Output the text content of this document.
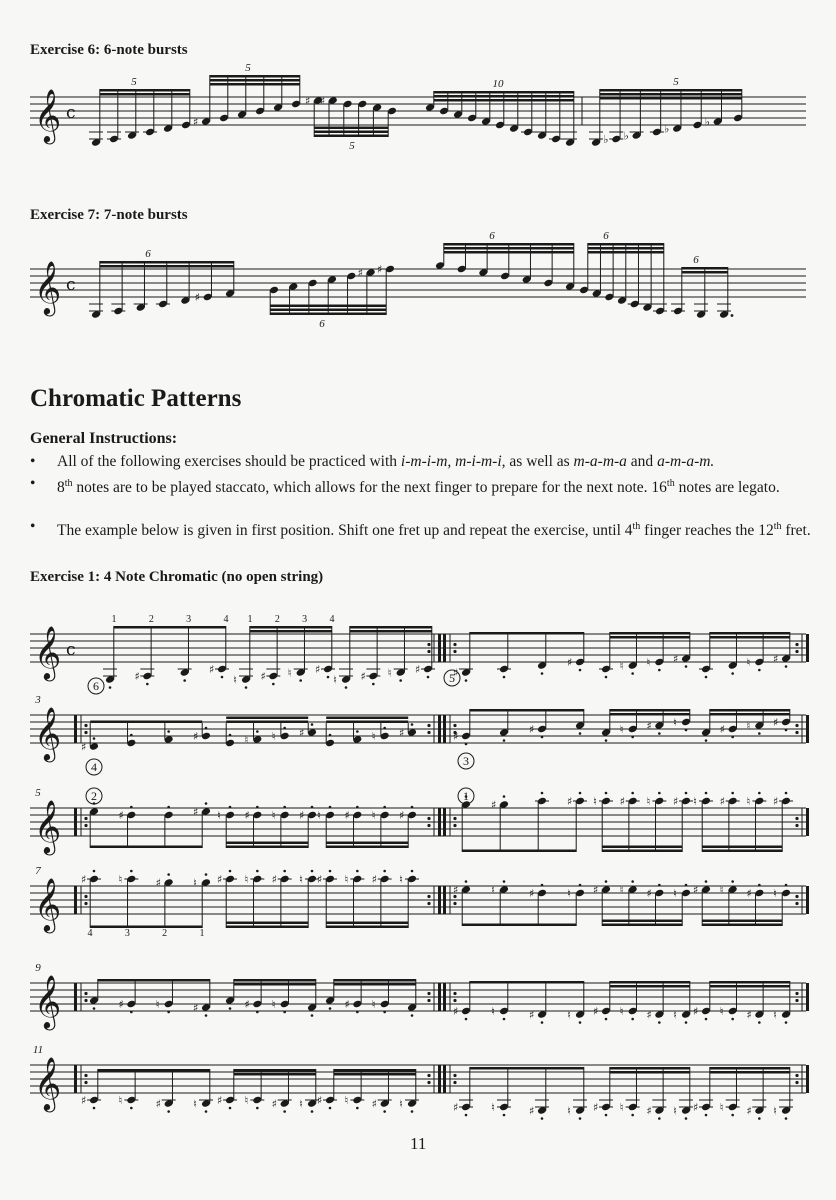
Exercise 6: 6-note bursts
𝄞 c
5
♯
5
♯ ♯
5
10
♭ ♭
♭
♭
5
Exercise 7: 7-note bursts
𝄞 c
♯
6
♯ ♯
6
6	6
6
Chromatic Patterns
General Instructions:
• All of the following exercises should be practiced with i-m-i-m, m-i-m-i, as well as m-a-m-a and a-m-a-m.
• 8th notes are to be played staccato, which allows for the next finger to prepare for the next note. 16th notes are legato.
• The example below is given in first position. Shift one fret up and repeat the exercise, until 4th finger reaches the 12th fret.
Exercise 1: 4 Note Chromatic (no open string)
𝄞 c
♯
♯
♮ ♯ ♮ ♯
♮ ♯ ♮ ♯	♯
♯	♮ ♮ ♯	♮ ♯
1	2	3	4 1 2 3 4
6
5
𝄞
3
♯
♯	♮ ♮ ♯	♮ ♯	♯
♯	♮ ♯ ♮
♯ ♮ ♯
4	3
𝄞
5
♯	♯ ♮ ♯ ♮ ♯ ♮ ♯ ♮ ♯
♯	♯ ♮ ♯ ♮ ♯ ♮ ♯ ♮ ♯
2	1
𝄞
7
♯	♮	♯	♮ ♯ ♮ ♯ ♮ ♯ ♮ ♯ ♮
♯	♮	♯	♮ ♯ ♮ ♯ ♮ ♯ ♮ ♯ ♮
4	3	2	1
𝄞
9
♯	♮	♯	♯ ♮	♯ ♮
♯	♮	♯	♮ ♯ ♮ ♯ ♮ ♯ ♮ ♯ ♮
𝄞
11
♯	♮	♯	♮ ♯ ♮ ♯ ♮ ♯ ♮ ♯ ♮	♯	♮	♯	♮ ♯ ♮ ♯ ♮ ♯ ♮ ♯ ♮
11
